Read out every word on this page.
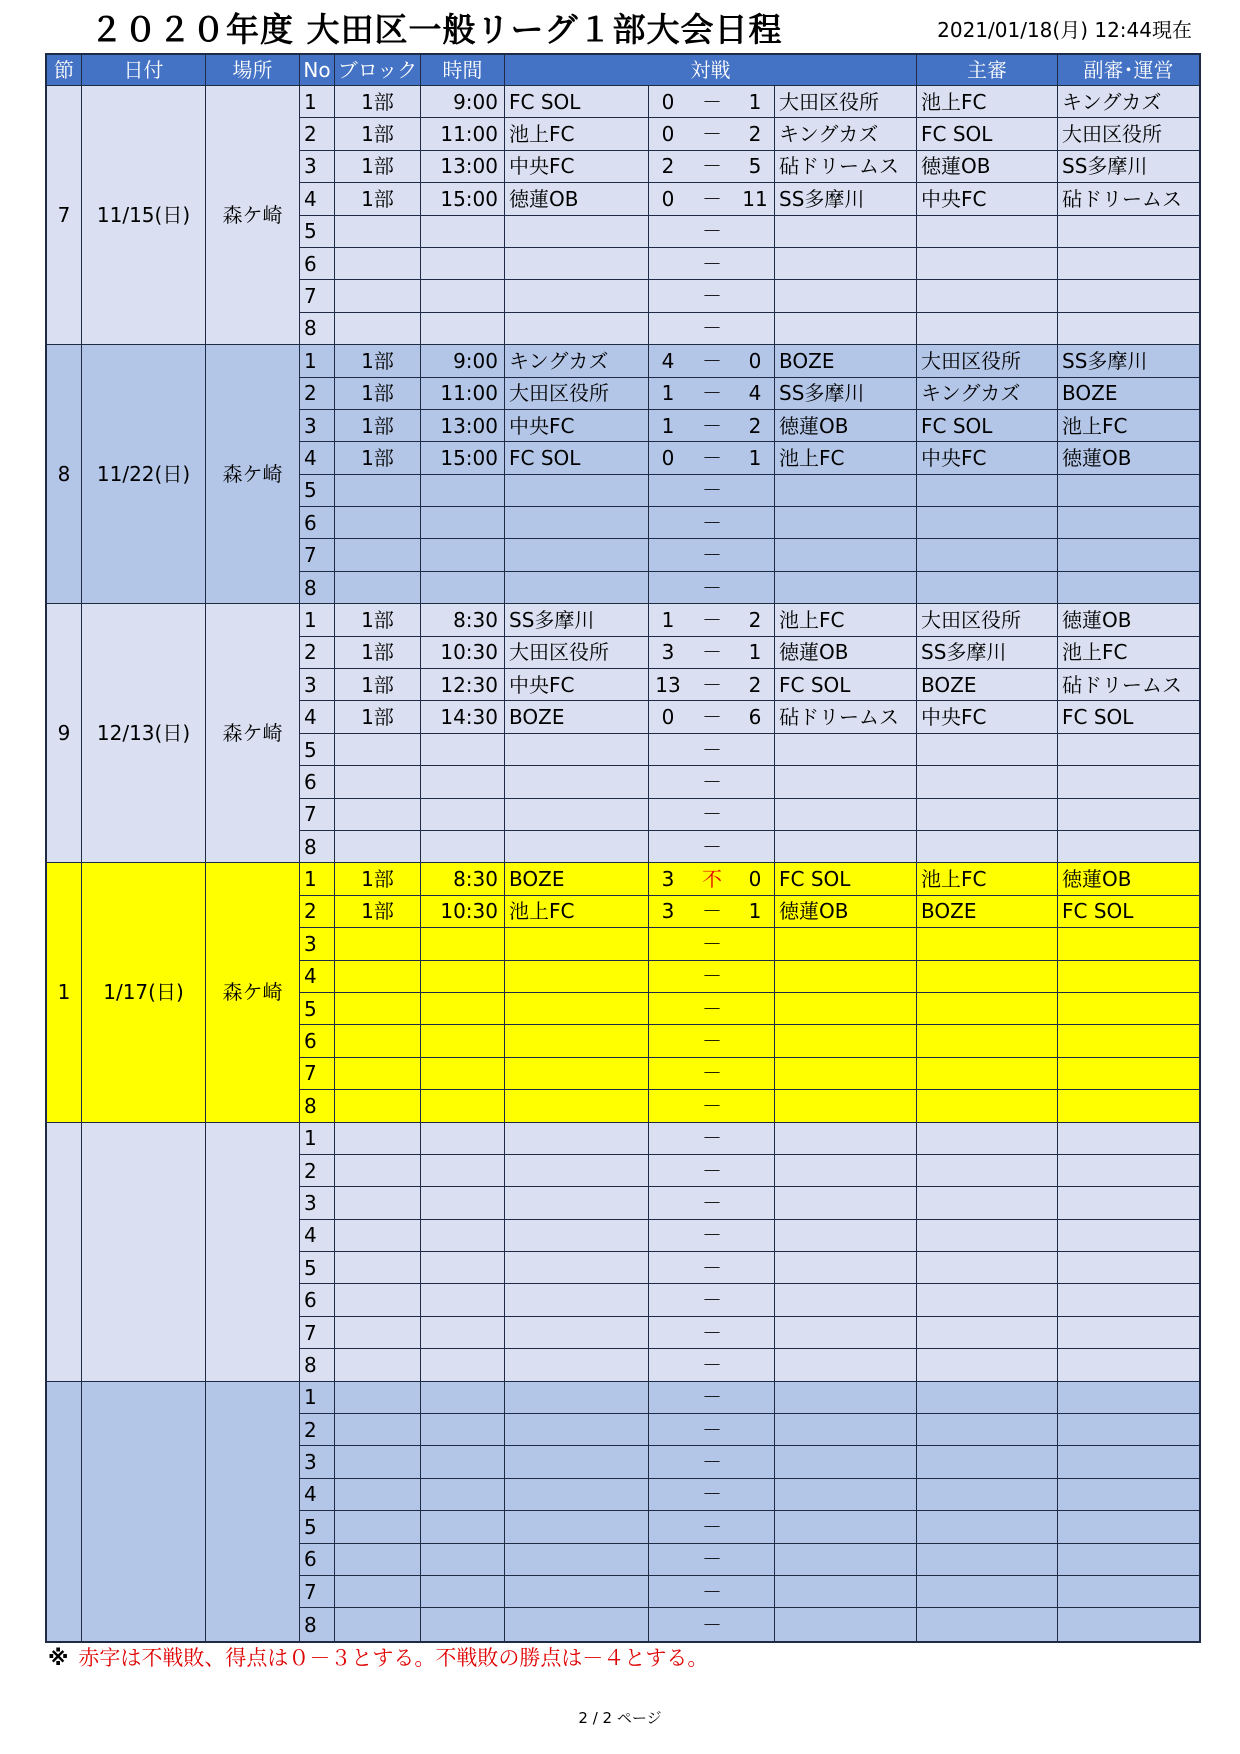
２０２０年度 大田区一般リーグ１部大会日程	2021/01/18(月) 12:44現在
節	日付	場所	No ブロック	時間	対戦	主審	副審･運営
7	11/15(日)	森ケ崎
1	1部	9:00 FC SOL	0	－	1 大田区役所	池上FC	キングカズ
2	1部	11:00 池上FC	0	－	2 キングカズ	FC SOL	大田区役所
3	1部	13:00 中央FC	2	－	5 砧ドリームス	徳蓮OB	SS多摩川
4	1部	15:00 徳蓮OB	0	－	11 SS多摩川	中央FC	砧ドリームス
5	－
6	－
7	－
8	－
8	11/22(日)	森ケ崎
1	1部	9:00 キングカズ	4	－	0 BOZE	大田区役所	SS多摩川
2	1部	11:00 大田区役所	1	－	4 SS多摩川	キングカズ	BOZE
3	1部	13:00 中央FC	1	－	2 徳蓮OB	FC SOL	池上FC
4	1部	15:00 FC SOL	0	－	1 池上FC	中央FC	徳蓮OB
5	－
6	－
7	－
8	－
9	12/13(日)	森ケ崎
1	1部	8:30 SS多摩川	1	－	2 池上FC	大田区役所	徳蓮OB
2	1部	10:30 大田区役所	3	－	1 徳蓮OB	SS多摩川	池上FC
3	1部	12:30 中央FC	13	－	2 FC SOL	BOZE	砧ドリームス
4	1部	14:30 BOZE	0	－	6 砧ドリームス	中央FC	FC SOL
5	－
6	－
7	－
8	－
1	1/17(日)	森ケ崎
1	1部	8:30 BOZE	3	不	0 FC SOL	池上FC	徳蓮OB
2	1部	10:30 池上FC	3	－	1 徳蓮OB	BOZE	FC SOL
3	－
4	－
5	－
6	－
7	－
8	－
1	－
2	－
3	－
4	－
5	－
6	－
7	－
8	－
1	－
2	－
3	－
4	－
5	－
6	－
7	－
8	－
※ 赤字は不戦敗、得点は０－３とする。不戦敗の勝点は－４とする。
2 / 2 ページ
